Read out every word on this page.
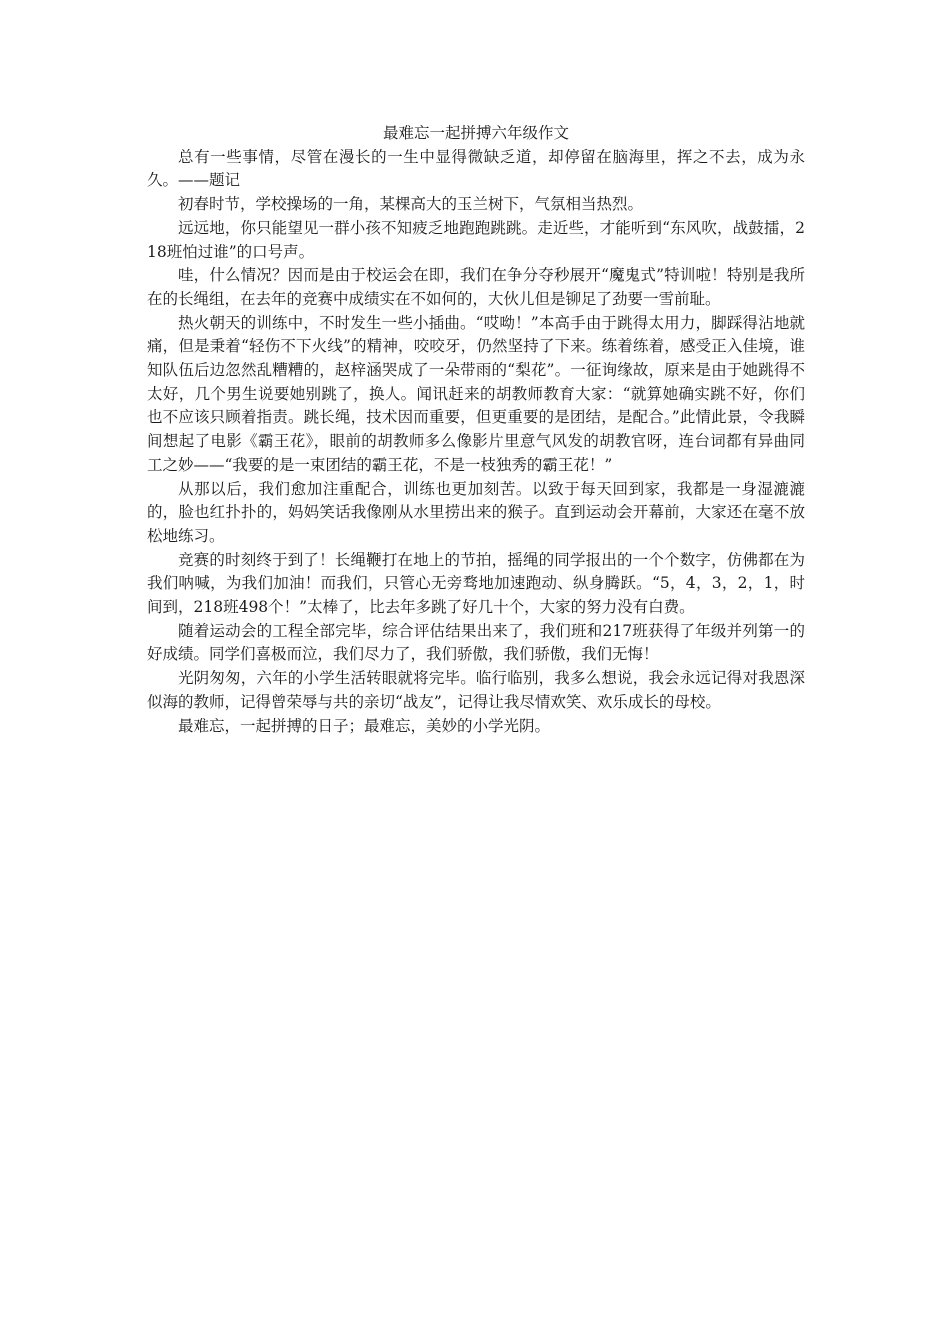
最难忘一起拼搏六年级作文

总有一些事情，尽管在漫长的一生中显得微缺乏道，却停留在脑海里，挥之不去，成为永久。——题记

初春时节，学校操场的一角，某棵高大的玉兰树下，气氛相当热烈。

远远地，你只能望见一群小孩不知疲乏地跑跑跳跳。走近些，才能听到“东风吹，战鼓擂，218班怕过谁”的口号声。

哇，什么情况？因而是由于校运会在即，我们在争分夺秒展开“魔鬼式”特训啦！特别是我所在的长绳组，在去年的竞赛中成绩实在不如何的，大伙儿但是铆足了劲要一雪前耻。

热火朝天的训练中，不时发生一些小插曲。“哎呦！”本高手由于跳得太用力，脚踩得沾地就痛，但是秉着“轻伤不下火线”的精神，咬咬牙，仍然坚持了下来。练着练着，感受正入佳境，谁知队伍后边忽然乱糟糟的，赵梓涵哭成了一朵带雨的“梨花”。一征询缘故，原来是由于她跳得不太好，几个男生说要她别跳了，换人。闻讯赶来的胡教师教育大家：“就算她确实跳不好，你们也不应该只顾着指责。跳长绳，技术因而重要，但更重要的是团结，是配合。”此情此景，令我瞬间想起了电影《霸王花》，眼前的胡教师多么像影片里意气风发的胡教官呀，连台词都有异曲同工之妙——“我要的是一束团结的霸王花，不是一枝独秀的霸王花！”

从那以后，我们愈加注重配合，训练也更加刻苦。以致于每天回到家，我都是一身湿漉漉的，脸也红扑扑的，妈妈笑话我像刚从水里捞出来的猴子。直到运动会开幕前，大家还在毫不放松地练习。

竞赛的时刻终于到了！长绳鞭打在地上的节拍，摇绳的同学报出的一个个数字，仿佛都在为我们呐喊，为我们加油！而我们，只管心无旁骛地加速跑动、纵身腾跃。“5，4，3，2，1，时间到，218班498个！”太棒了，比去年多跳了好几十个，大家的努力没有白费。

随着运动会的工程全部完毕，综合评估结果出来了，我们班和217班获得了年级并列第一的好成绩。同学们喜极而泣，我们尽力了，我们骄傲，我们骄傲，我们无悔！

光阴匆匆，六年的小学生活转眼就将完毕。临行临别，我多么想说，我会永远记得对我恩深似海的教师，记得曾荣辱与共的亲切“战友”，记得让我尽情欢笑、欢乐成长的母校。

最难忘，一起拼搏的日子；最难忘，美妙的小学光阴。
